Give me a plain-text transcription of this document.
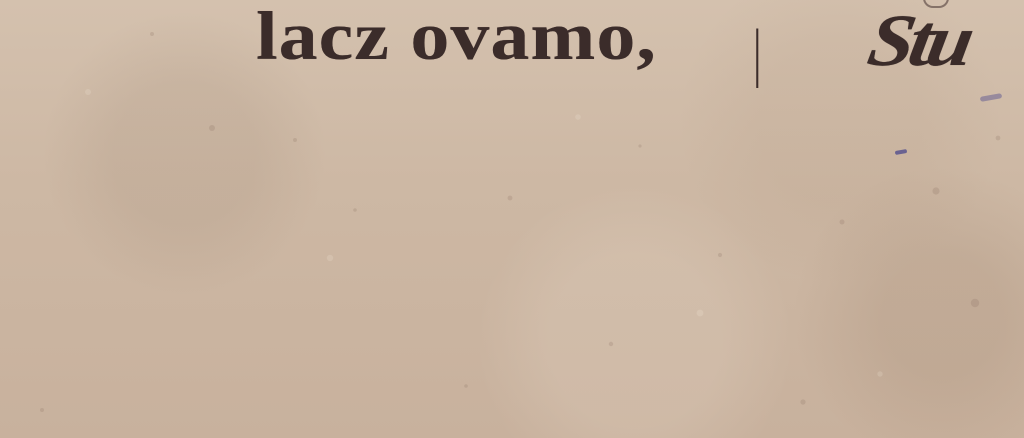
lacz ovamo, | Stu
